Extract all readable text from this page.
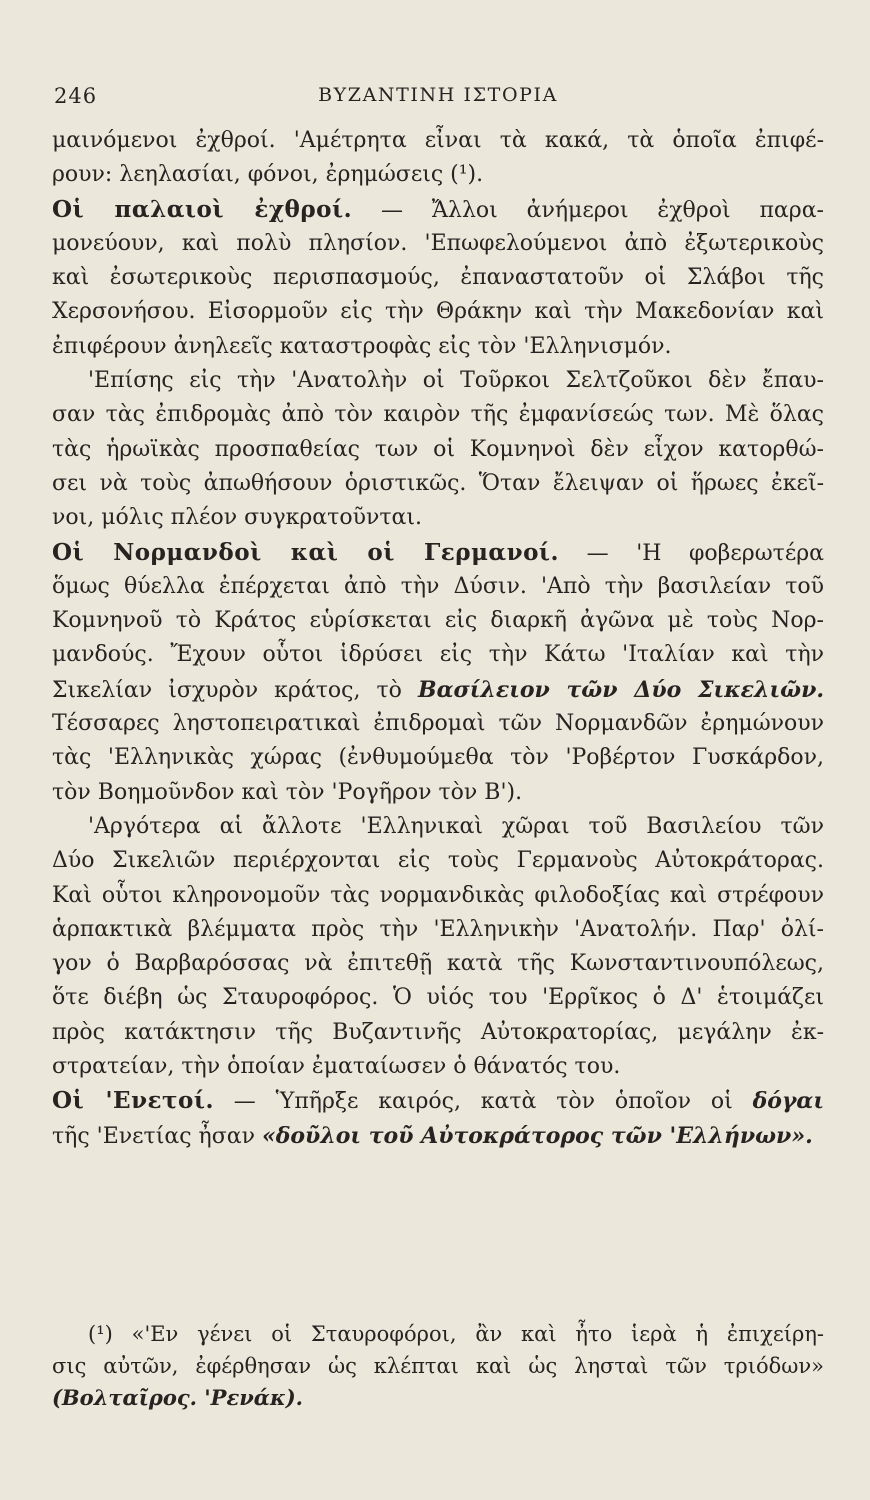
246	ΒΥΖΑΝΤΙΝΗ ΙΣΤΟΡΙΑ
μαινόμενοι ἐχθροί. 'Αμέτρητα εἶναι τὰ κακά, τὰ ὁποῖα ἐπιφέ-
ρουν: λεηλασίαι, φόνοι, ἐρημώσεις (¹).
Οἱ παλαιοὶ ἐχθροί. — Ἄλλοι ἀνήμεροι ἐχθροὶ παρα-
μονεύουν, καὶ πολὺ πλησίον. 'Επωφελούμενοι ἀπὸ ἐξωτερικοὺς
καὶ ἐσωτερικοὺς περισπασμούς, ἐπαναστατοῦν οἱ Σλάβοι τῆς
Χερσονήσου. Εἰσορμοῦν εἰς τὴν Θράκην καὶ τὴν Μακεδονίαν καὶ
ἐπιφέρουν ἀνηλεεῖς καταστροφὰς εἰς τὸν 'Ελληνισμόν.
'Επίσης εἰς τὴν 'Ανατολὴν οἱ Τοῦρκοι Σελτζοῦκοι δὲν ἔπαυ-
σαν τὰς ἐπιδρομὰς ἀπὸ τὸν καιρὸν τῆς ἐμφανίσεώς των. Μὲ ὅλας
τὰς ἡρωϊκὰς προσπαθείας των οἱ Κομνηνοὶ δὲν εἶχον κατορθώ-
σει νὰ τοὺς ἀπωθήσουν ὁριστικῶς. Ὅταν ἔλειψαν οἱ ἥρωες ἐκεῖ-
νοι, μόλις πλέον συγκρατοῦνται.
Οἱ Νορμανδοὶ καὶ οἱ Γερμανοί. — 'Η φοβερωτέρα
ὅμως θύελλα ἐπέρχεται ἀπὸ τὴν Δύσιν. 'Απὸ τὴν βασιλείαν τοῦ
Κομνηνοῦ τὸ Κράτος εὑρίσκεται εἰς διαρκῆ ἀγῶνα μὲ τοὺς Νορ-
μανδούς. Ἔχουν οὗτοι ἱδρύσει εἰς τὴν Κάτω 'Ιταλίαν καὶ τὴν
Σικελίαν ἰσχυρὸν κράτος, τὸ Βασίλειον τῶν Δύο Σικελιῶν.
Τέσσαρες ληστοπειρατικαὶ ἐπιδρομαὶ τῶν Νορμανδῶν ἐρημώνουν
τὰς 'Ελληνικὰς χώρας (ἐνθυμούμεθα τὸν 'Ροβέρτον Γυσκάρδον,
τὸν Βοημοῦνδον καὶ τὸν 'Ρογῆρον τὸν Β').
'Αργότερα αἱ ἄλλοτε 'Ελληνικαὶ χῶραι τοῦ Βασιλείου τῶν
Δύο Σικελιῶν περιέρχονται εἰς τοὺς Γερμανοὺς Αὐτοκράτορας.
Καὶ οὗτοι κληρονομοῦν τὰς νορμανδικὰς φιλοδοξίας καὶ στρέφουν
ἁρπακτικὰ βλέμματα πρὸς τὴν 'Ελληνικὴν 'Ανατολήν. Παρ' ὀλί-
γον ὁ Βαρβαρόσσας νὰ ἐπιτεθῇ κατὰ τῆς Κωνσταντινουπόλεως,
ὅτε διέβη ὡς Σταυροφόρος. Ὁ υἱός του 'Ερρῖκος ὁ Δ' ἑτοιμάζει
πρὸς κατάκτησιν τῆς Βυζαντινῆς Αὐτοκρατορίας, μεγάλην ἐκ-
στρατείαν, τὴν ὁποίαν ἐματαίωσεν ὁ θάνατός του.
Οἱ 'Ενετοί. — Ὑπῆρξε καιρός, κατὰ τὸν ὁποῖον οἱ δόγαι
τῆς 'Ενετίας ἦσαν «δοῦλοι τοῦ Αὐτοκράτορος τῶν 'Ελλήνων».
(¹) «'Εν γένει οἱ Σταυροφόροι, ἂν καὶ ἦτο ἱερὰ ἡ ἐπιχείρη-
σις αὐτῶν, ἐφέρθησαν ὡς κλέπται καὶ ὡς λησταὶ τῶν τριόδων»
(Βολταῖρος. 'Ρενάκ).
